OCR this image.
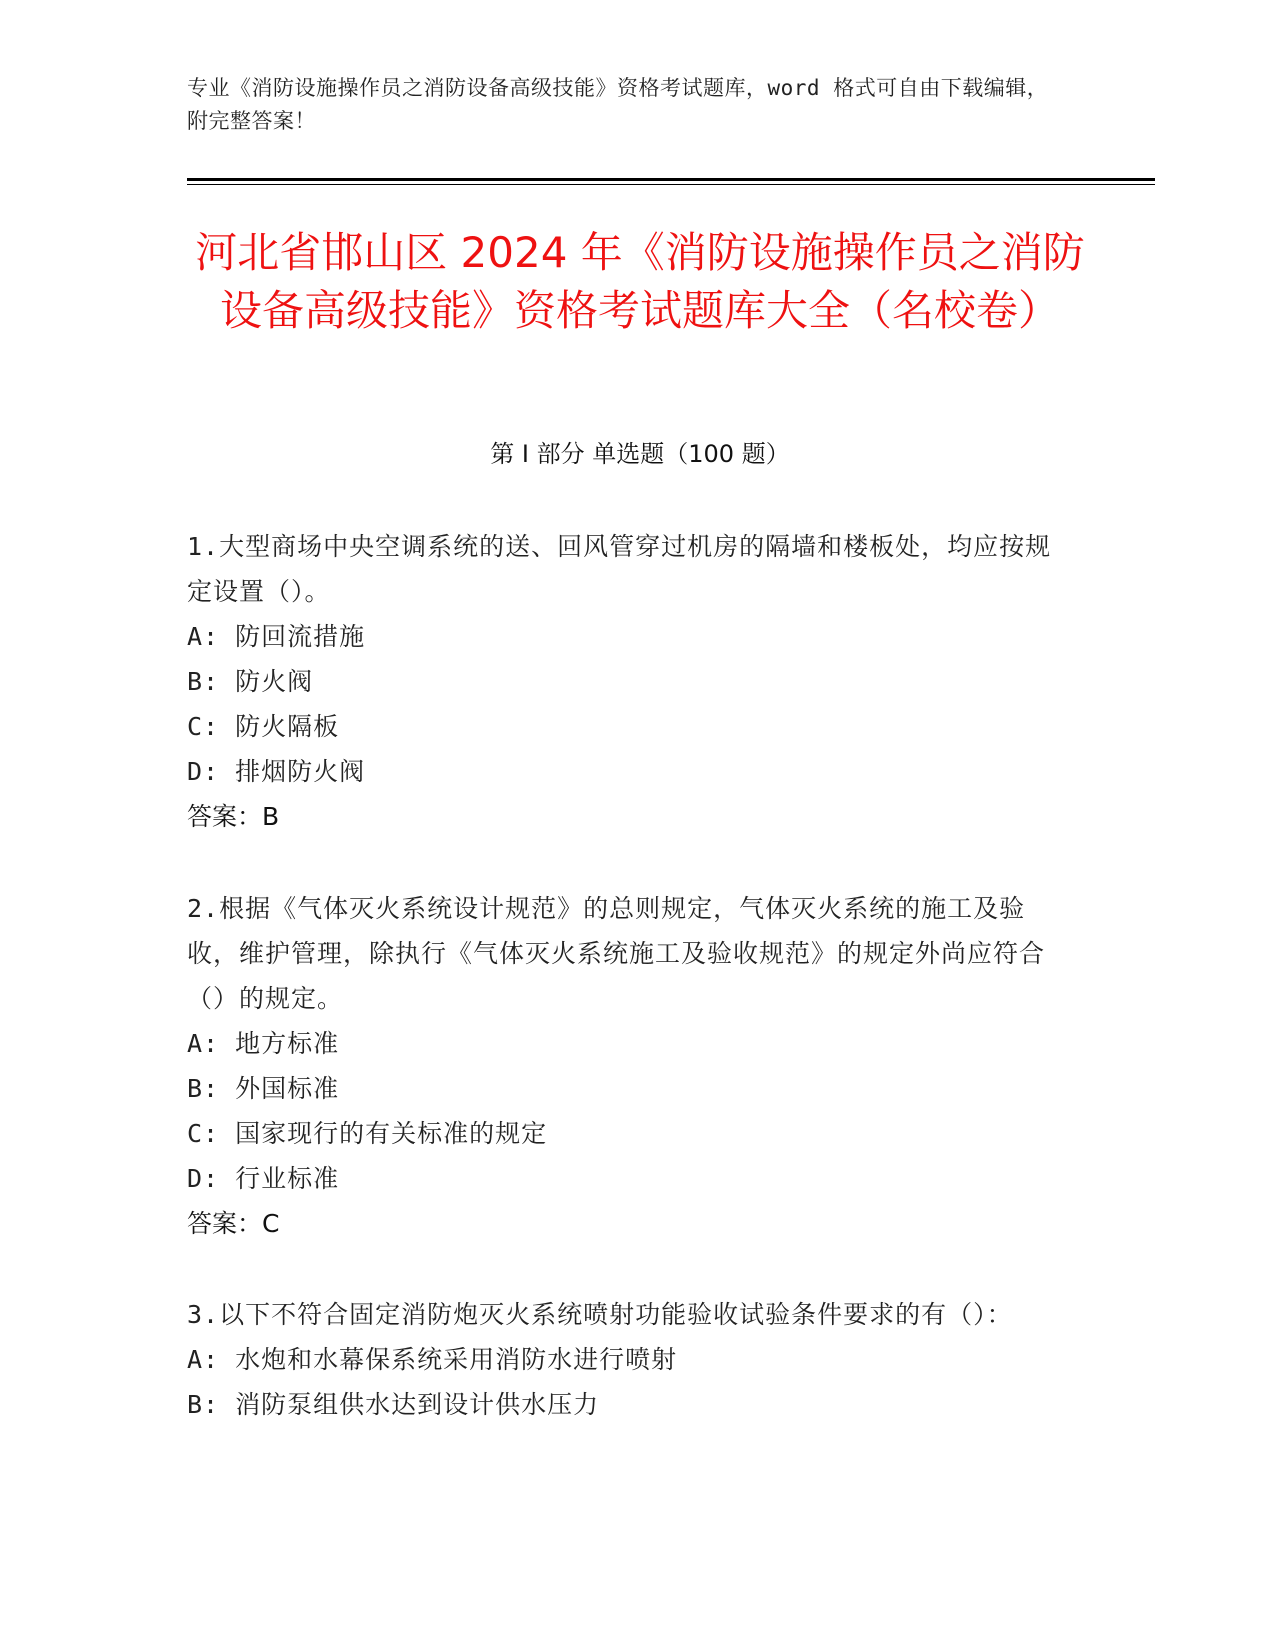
专业《消防设施操作员之消防设备高级技能》资格考试题库，word 格式可自由下载编辑，附完整答案！
河北省邯山区 2024 年《消防设施操作员之消防设备高级技能》资格考试题库大全（名校卷）
第 I 部分 单选题（100 题）
1.大型商场中央空调系统的送、回风管穿过机房的隔墙和楼板处，均应按规定设置（）。
A: 防回流措施
B: 防火阀
C: 防火隔板
D: 排烟防火阀
答案：B
2.根据《气体灭火系统设计规范》的总则规定，气体灭火系统的施工及验收，维护管理，除执行《气体灭火系统施工及验收规范》的规定外尚应符合（）的规定。
A: 地方标准
B: 外国标准
C: 国家现行的有关标准的规定
D: 行业标准
答案：C
3.以下不符合固定消防炮灭火系统喷射功能验收试验条件要求的有（）：
A: 水炮和水幕保系统采用消防水进行喷射
B: 消防泵组供水达到设计供水压力
